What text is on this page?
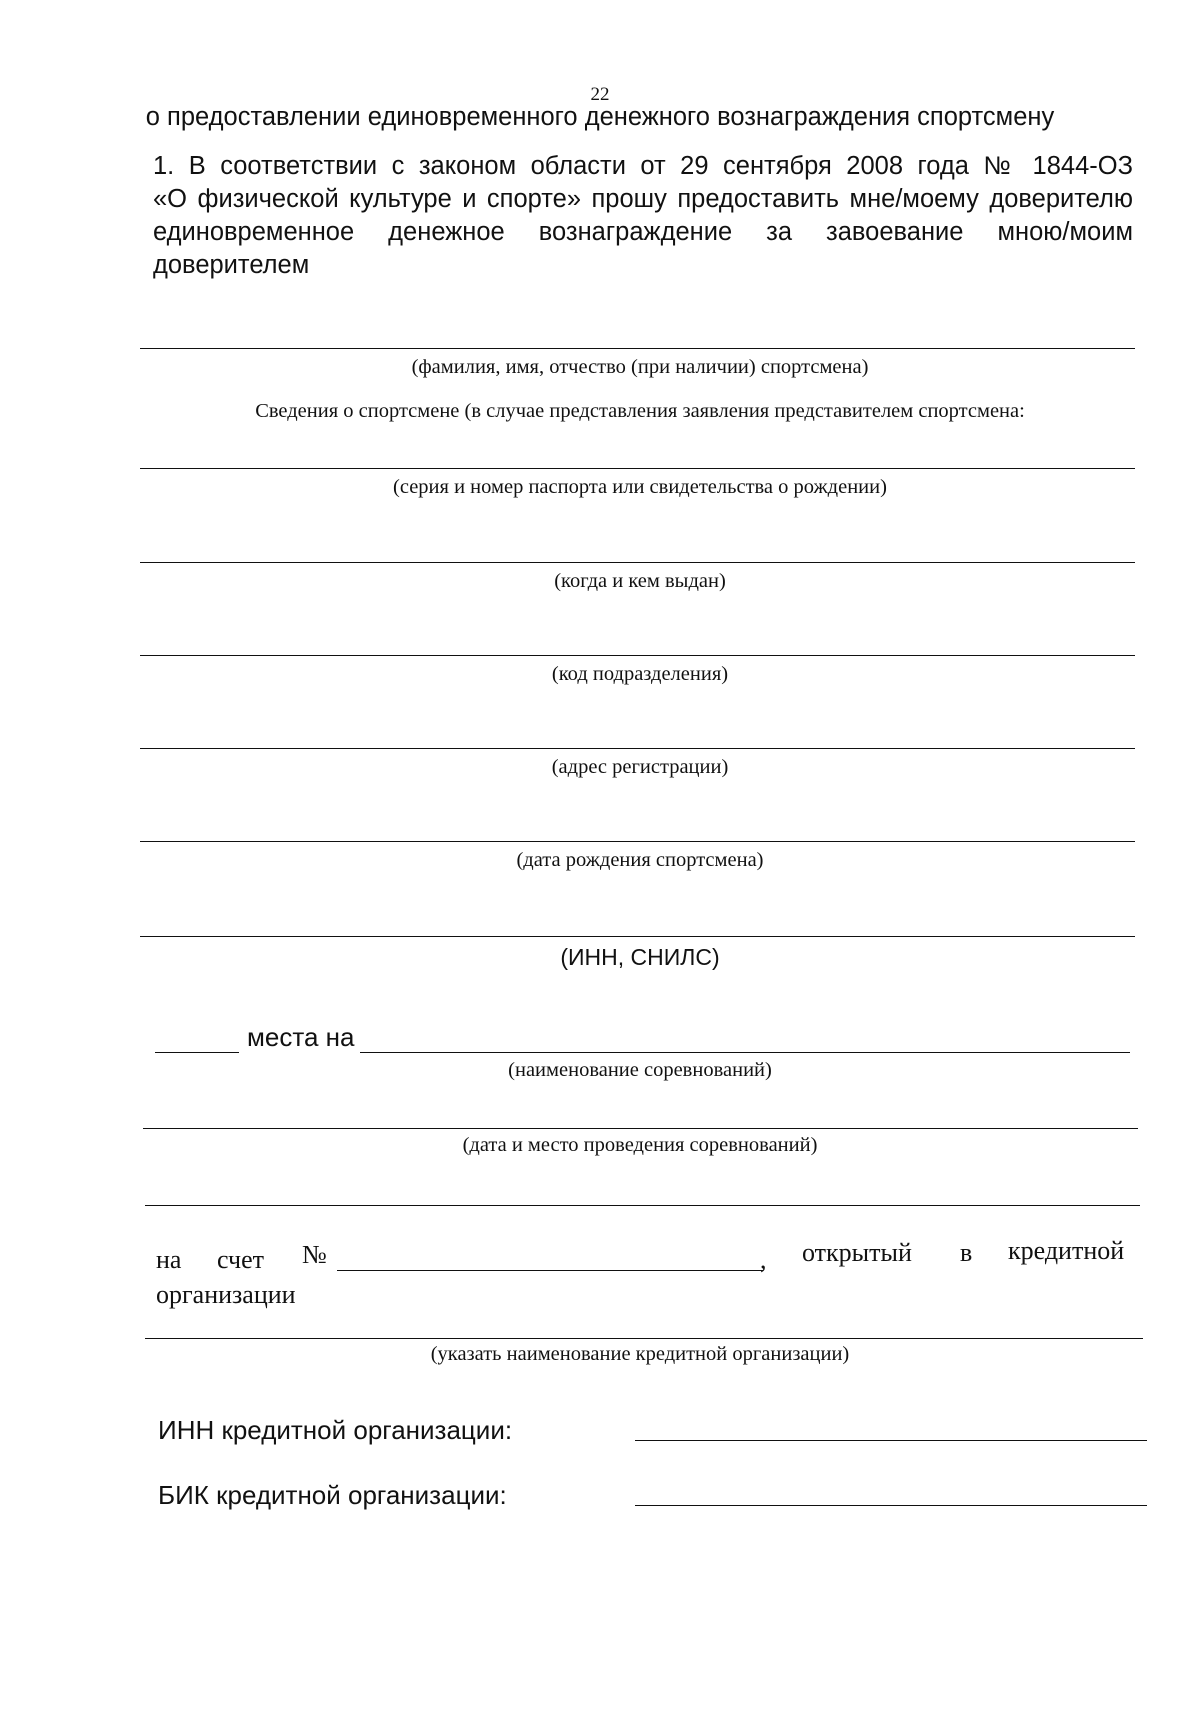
22
о предоставлении единовременного денежного вознаграждения спортсмену
1. В соответствии с законом области от 29 сентября 2008 года № 1844-ОЗ
«О физической культуре и спорте» прошу предоставить мне/моему доверителю
единовременное денежное вознаграждение за завоевание мною/моим
доверителем
(фамилия, имя, отчество (при наличии) спортсмена)
Сведения о спортсмене (в случае представления заявления представителем спортсмена:
(серия и номер паспорта или свидетельства о рождении)
(когда и кем выдан)
(код подразделения)
(адрес регистрации)
(дата рождения спортсмена)
(ИНН, СНИЛС)
места на
(наименование соревнований)
(дата и место проведения соревнований)
на счет №	, открытый в кредитной
организации
(указать наименование кредитной организации)
ИНН кредитной организации:
БИК кредитной организации:
